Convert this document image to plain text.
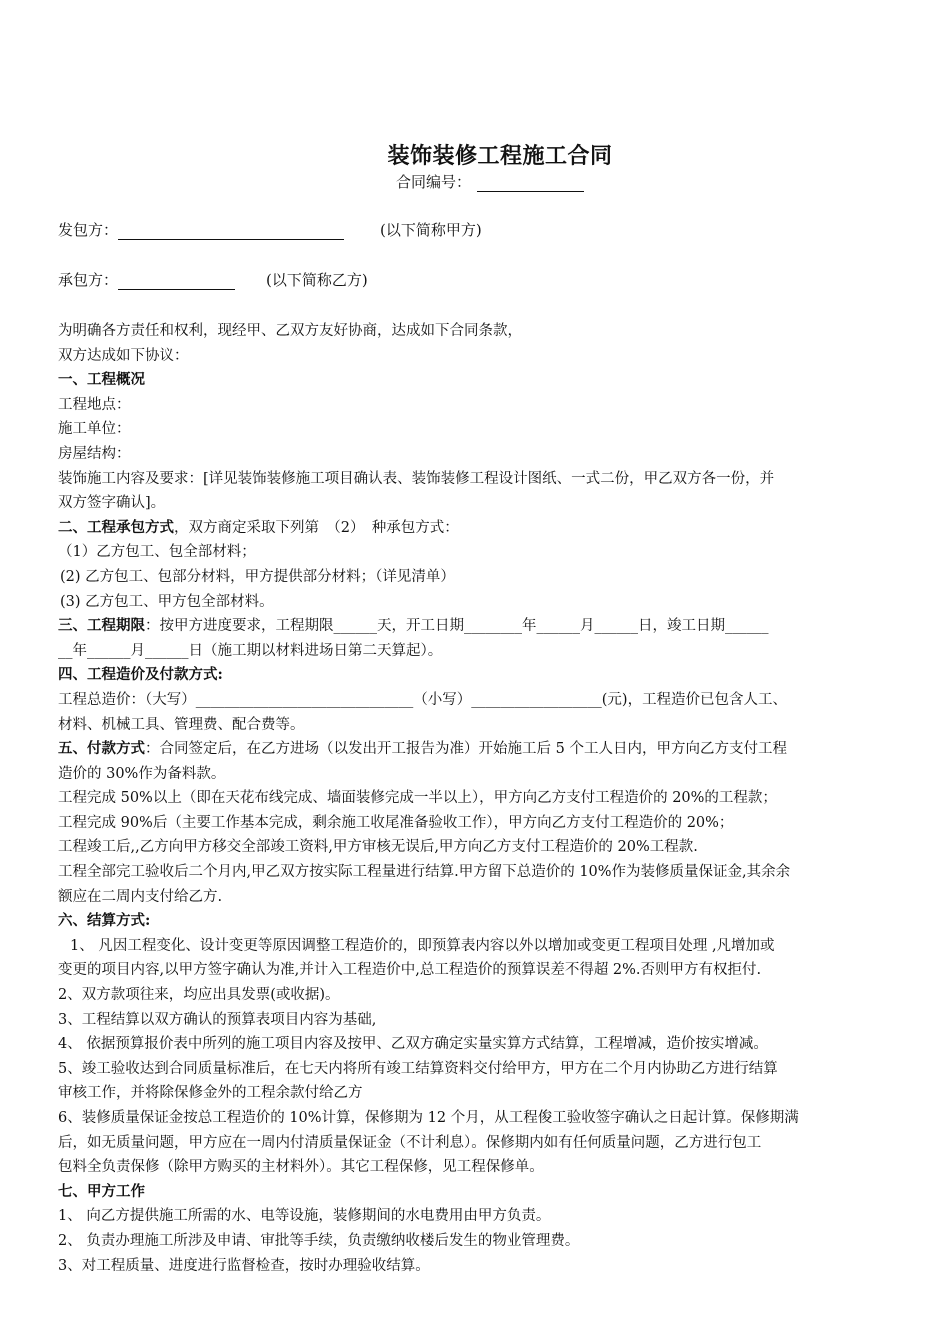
装饰装修工程施工合同
合同编号：
发包方：	(以下简称甲方)
承包方：	(以下简称乙方)
为明确各方责任和权利，现经甲、乙双方友好协商，达成如下合同条款，
双方达成如下协议：
一、工程概况
工程地点：
施工单位：
房屋结构：
装饰施工内容及要求：[详见装饰装修施工项目确认表、装饰装修工程设计图纸、一式二份，甲乙双方各一份，并
双方签字确认]。
二、工程承包方式，双方商定采取下列第　（2）　种承包方式：
（1）乙方包工、包全部材料；
(2) 乙方包工、包部分材料，甲方提供部分材料；（详见清单）
(3) 乙方包工、甲方包全部材料。
三、工程期限：按甲方进度要求，工程期限______天，开工日期________年______月______日，竣工日期______
__年______月______日（施工期以材料进场日第二天算起）。
四、工程造价及付款方式:
工程总造价：（大写）______________________________（小写）__________________(元)，工程造价已包含人工、
材料、机械工具、管理费、配合费等。
五、付款方式：合同签定后，在乙方进场（以发出开工报告为准）开始施工后 5 个工人日内，甲方向乙方支付工程
造价的 30%作为备料款。
工程完成 50%以上（即在天花布线完成、墙面装修完成一半以上），甲方向乙方支付工程造价的 20%的工程款；
工程完成 90%后（主要工作基本完成，剩余施工收尾准备验收工作），甲方向乙方支付工程造价的 20%；
工程竣工后,,乙方向甲方移交全部竣工资料,甲方审核无误后,甲方向乙方支付工程造价的 20%工程款.
工程全部完工验收后二个月内,甲乙双方按实际工程量进行结算.甲方留下总造价的 10%作为装修质量保证金,其余余
额应在二周内支付给乙方.
六、结算方式:
1、 凡因工程变化、设计变更等原因调整工程造价的，即预算表内容以外以增加或变更工程项目处理 ,凡增加或
变更的项目内容,以甲方签字确认为准,并计入工程造价中,总工程造价的预算误差不得超 2%.否则甲方有权拒付.
2、双方款项往来，均应出具发票(或收据)。
3、工程结算以双方确认的预算表项目内容为基础,
4、 依据预算报价表中所列的施工项目内容及按甲、乙双方确定实量实算方式结算，工程增减，造价按实增减。
5、竣工验收达到合同质量标准后，在七天内将所有竣工结算资料交付给甲方，甲方在二个月内协助乙方进行结算
审核工作，并将除保修金外的工程余款付给乙方
6、装修质量保证金按总工程造价的 10%计算，保修期为 12 个月，从工程俊工验收签字确认之日起计算。保修期满
后，如无质量问题，甲方应在一周内付清质量保证金（不计利息）。保修期内如有任何质量问题，乙方进行包工
包料全负责保修（除甲方购买的主材料外）。其它工程保修，见工程保修单。
七、甲方工作
1、 向乙方提供施工所需的水、电等设施，装修期间的水电费用由甲方负责。
2、 负责办理施工所涉及申请、审批等手续，负责缴纳收楼后发生的物业管理费。
3、对工程质量、进度进行监督检查，按时办理验收结算。
